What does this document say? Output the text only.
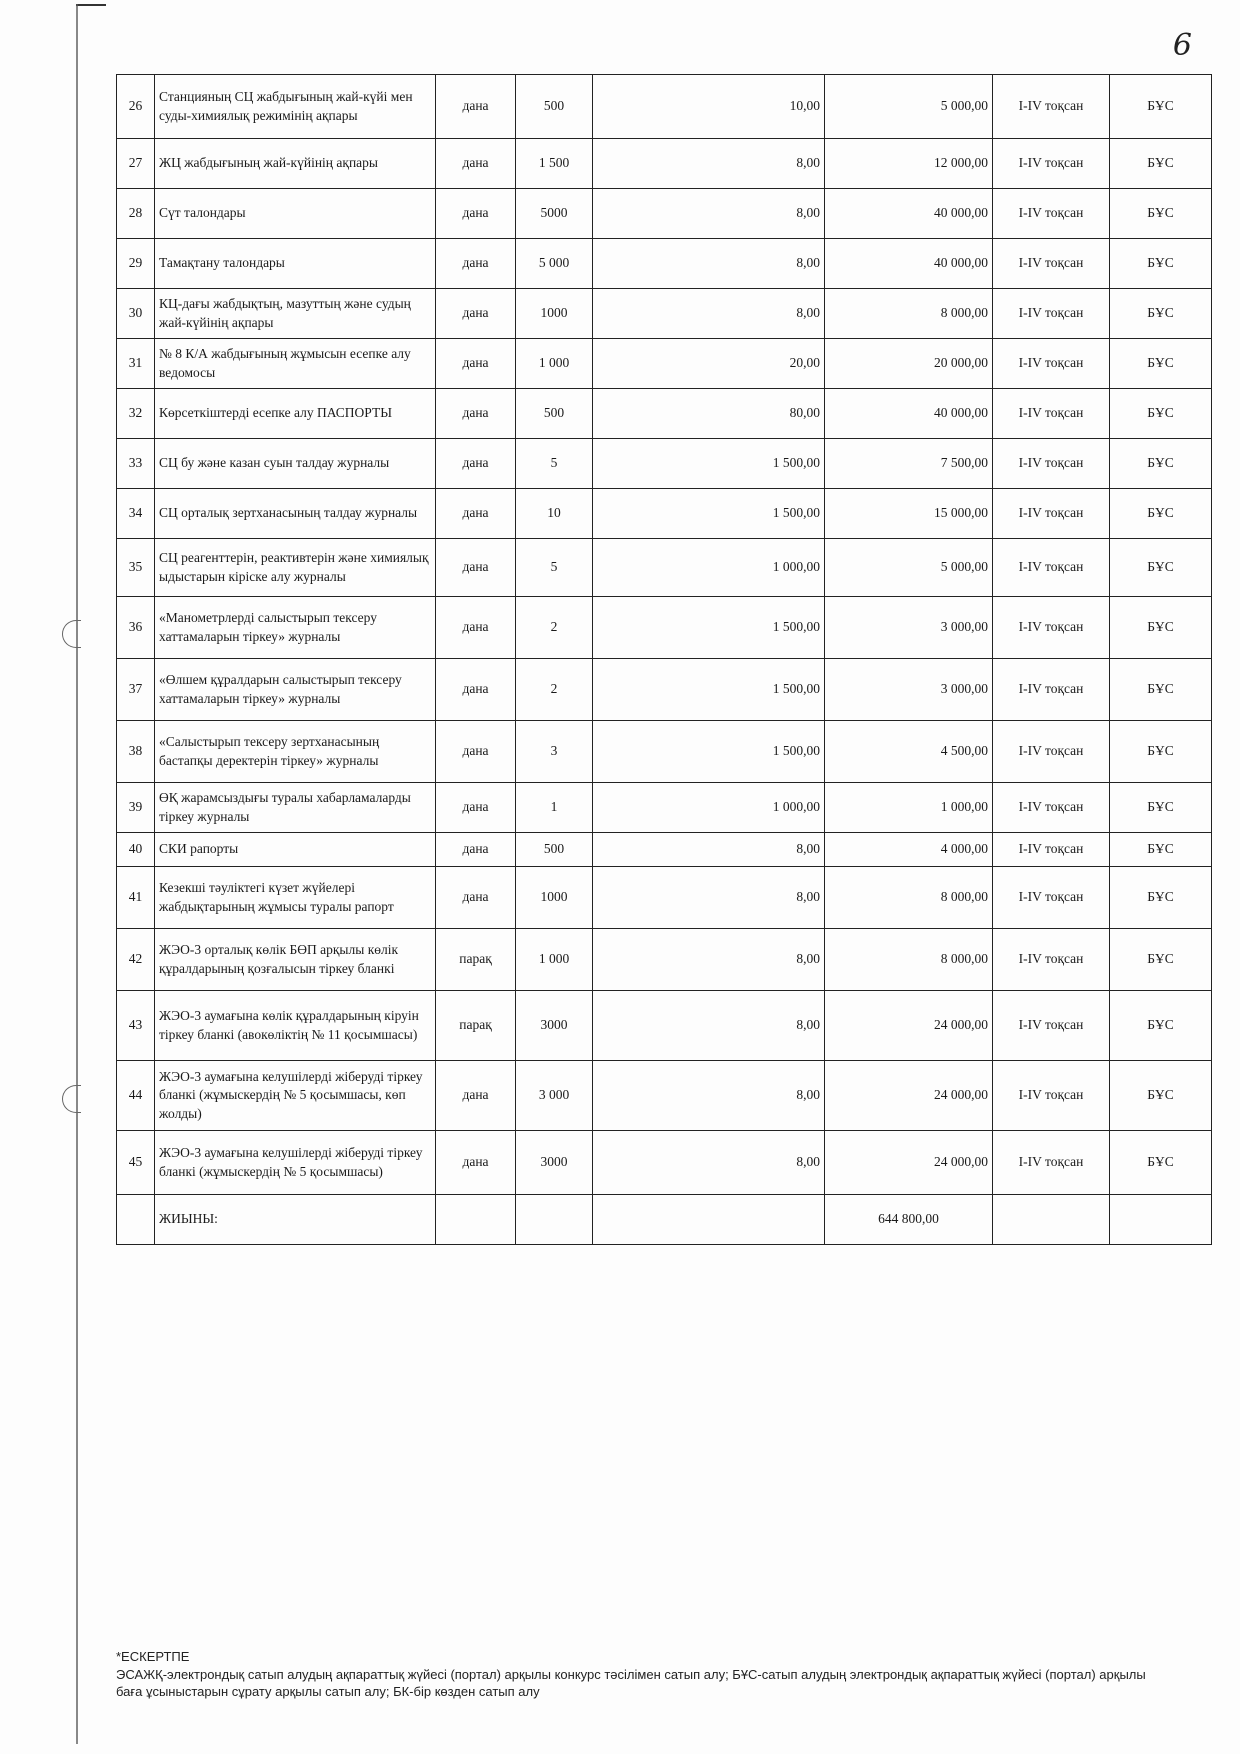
6
26	Станцияның СЦ жабдығының жай-күйі мен суды-химиялық режимінің ақпары	дана	500	10,00	5 000,00	I-IV тоқсан	БҰС
27	ЖЦ жабдығының жай-күйінің ақпары	дана	1 500	8,00	12 000,00	I-IV тоқсан	БҰС
28	Сүт талондары	дана	5000	8,00	40 000,00	I-IV тоқсан	БҰС
29	Тамақтану талондары	дана	5 000	8,00	40 000,00	I-IV тоқсан	БҰС
30	КЦ-дағы жабдықтың, мазуттың және судың жай-күйінің ақпары	дана	1000	8,00	8 000,00	I-IV тоқсан	БҰС
31	№ 8 К/А жабдығының жұмысын есепке алу ведомосы	дана	1 000	20,00	20 000,00	I-IV тоқсан	БҰС
32	Көрсеткіштерді есепке алу ПАСПОРТЫ	дана	500	80,00	40 000,00	I-IV тоқсан	БҰС
33	СЦ бу және казан суын талдау журналы	дана	5	1 500,00	7 500,00	I-IV тоқсан	БҰС
34	СЦ орталық зертханасының талдау журналы	дана	10	1 500,00	15 000,00	I-IV тоқсан	БҰС
35	СЦ реагенттерін, реактивтерін және химиялық ыдыстарын кіріске алу журналы	дана	5	1 000,00	5 000,00	I-IV тоқсан	БҰС
36	«Манометрлерді салыстырып тексеру хаттамаларын тіркеу» журналы	дана	2	1 500,00	3 000,00	I-IV тоқсан	БҰС
37	«Өлшем құралдарын салыстырып тексеру хаттамаларын тіркеу» журналы	дана	2	1 500,00	3 000,00	I-IV тоқсан	БҰС
38	«Салыстырып тексеру зертханасының бастапқы деректерін тіркеу» журналы	дана	3	1 500,00	4 500,00	I-IV тоқсан	БҰС
39	ӨҚ жарамсыздығы туралы хабарламаларды тіркеу журналы	дана	1	1 000,00	1 000,00	I-IV тоқсан	БҰС
40	СКИ рапорты	дана	500	8,00	4 000,00	I-IV тоқсан	БҰС
41	Кезекші тәуліктегі күзет жүйелері жабдықтарының жұмысы туралы рапорт	дана	1000	8,00	8 000,00	I-IV тоқсан	БҰС
42	ЖЭО-3 орталық көлік БӨП арқылы көлік құралдарының қозғалысын тіркеу бланкі	парақ	1 000	8,00	8 000,00	I-IV тоқсан	БҰС
43	ЖЭО-3 аумағына көлік құралдарының кіруін тіркеу бланкі (авокөліктің № 11 қосымшасы)	парақ	3000	8,00	24 000,00	I-IV тоқсан	БҰС
44	ЖЭО-3 аумағына келушілерді жіберуді тіркеу бланкі (жұмыскердің № 5 қосымшасы, көп жолды)	дана	3 000	8,00	24 000,00	I-IV тоқсан	БҰС
45	ЖЭО-3 аумағына келушілерді жіберуді тіркеу бланкі (жұмыскердің № 5 қосымшасы)	дана	3000	8,00	24 000,00	I-IV тоқсан	БҰС
	ЖИЫНЫ:				644 800,00		
*ЕСКЕРТПЕ
ЭСАЖҚ-электрондық сатып алудың ақпараттық жүйесі (портал) арқылы конкурс тәсілімен сатып алу; БҰС-сатып алудың электрондық ақпараттық жүйесі (портал) арқылы баға ұсыныстарын сұрату арқылы сатып алу; БК-бір көзден сатып алу
